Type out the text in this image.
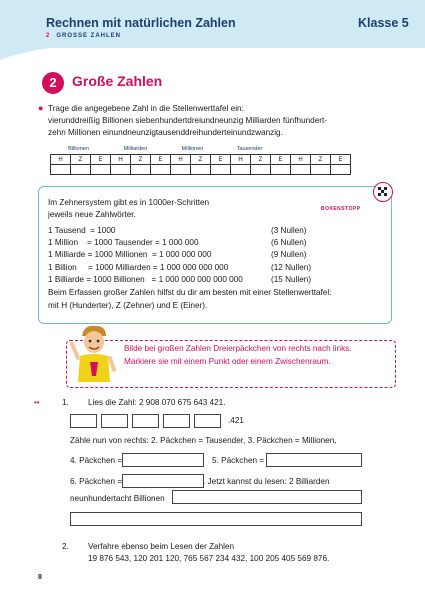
Rechnen mit natürlichen Zahlen	Klasse 5
2 GROSSE ZAHLEN
2	Große Zahlen
● Trage die angegebene Zahl in die Stellenwerttafel ein:
vierunddreißig Billionen siebenhundertdreiundneunzig Milliarden fünfhundert-
zehn Millionen einundneunzigtausenddreihunderteinundzwanzig.
Billionen	Milliarden	Millionen	Tausender
H	Z	E	H	Z	E	H	Z	E	H	Z	E	H	Z	E

BOXENSTOPP
Im Zehnersystem gibt es in 1000er-Schritten
jeweils neue Zahlwörter.
1 Tausend  = 1000	(3 Nullen)
1 Million    = 1000 Tausender = 1 000 000	(6 Nullen)
1 Milliarde = 1000 Millionen  = 1 000 000 000	(9 Nullen)
1 Billion     = 1000 Milliarden = 1 000 000 000 000	(12 Nullen)
1 Billiarde = 1000 Billionen   = 1 000 000 000 000 000	(15 Nullen)
Beim Erfassen großer Zahlen hilfst du dir am besten mit einer Stellenwerttafel:
mit H (Hunderter), Z (Zehner) und E (Einer).
Bilde bei großen Zahlen Dreierpäckchen von rechts nach links.
Markiere sie mit einem Punkt oder einem Zwischenraum.
••	1. Lies die Zahl: 2 908 070 675 643 421.
.421
Zähle nun von rechts: 2. Päckchen = Tausender, 3. Päckchen = Millionen,
4. Päckchen =	5. Päckchen =
6. Päckchen =	. Jetzt kannst du lesen: 2 Billiarden
neunhundertacht Billionen
2. Verfahre ebenso beim Lesen der Zahlen
19 876 543, 120 201 120, 765 567 234 432, 100 205 405 569 876.
8
